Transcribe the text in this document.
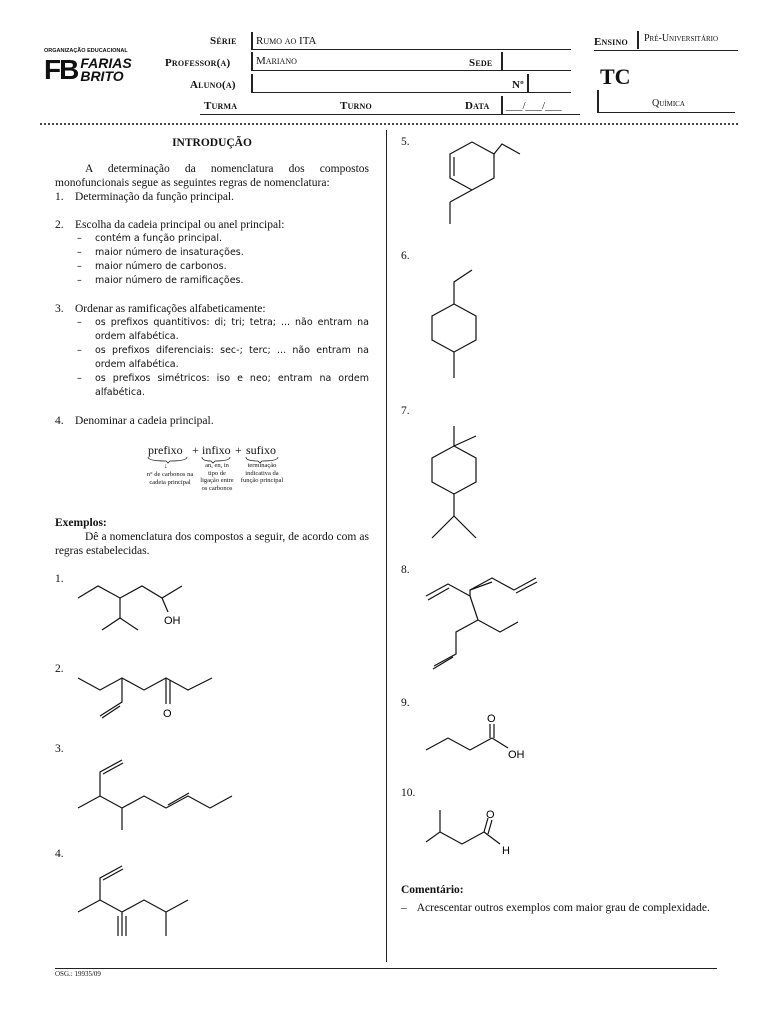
ORGANIZAÇÃO EDUCACIONAL
FB FARIAS
BRITO
Série Rumo ao ITA
Professor(a) Mariano	Sede
Aluno(a)	Nº
Turma	Turno	Data ___/___/___
Ensino Pré-Universitário
TC
Química
INTRODUÇÃO
A determinação da nomenclatura dos compostos monofuncionais segue as seguintes regras de nomenclatura:
1. Determinação da função principal.
2. Escolha da cadeia principal ou anel principal:
–	contém a função principal.
–	maior número de insaturações.
–	maior número de carbonos.
–	maior número de ramificações.
3. Ordenar as ramificações alfabeticamente:
–	os prefixos quantitivos: di; tri; tetra; ... não entram na ordem alfabética.
–	os prefixos diferenciais: sec-; terc; ... não entram na ordem alfabética.
–	os prefixos simétricos: iso e neo; entram na ordem alfabética.
4. Denominar a cadeia principal.
prefixo + infixo + sufixo
↓
n° de carbonos na cadeia principal
an, en, in tipo de ligação entre os carbonos
terminação indicativa da função principal
Exemplos:
Dê a nomenclatura dos compostos a seguir, de acordo com as regras estabelecidas.
1.
2.
3.
4.
OH
O
5.
6.
7.
8.
9.
10.
O
OH
O
H
Comentário:
– Acrescentar outros exemplos com maior grau de complexidade.
OSG.: 19935/09
